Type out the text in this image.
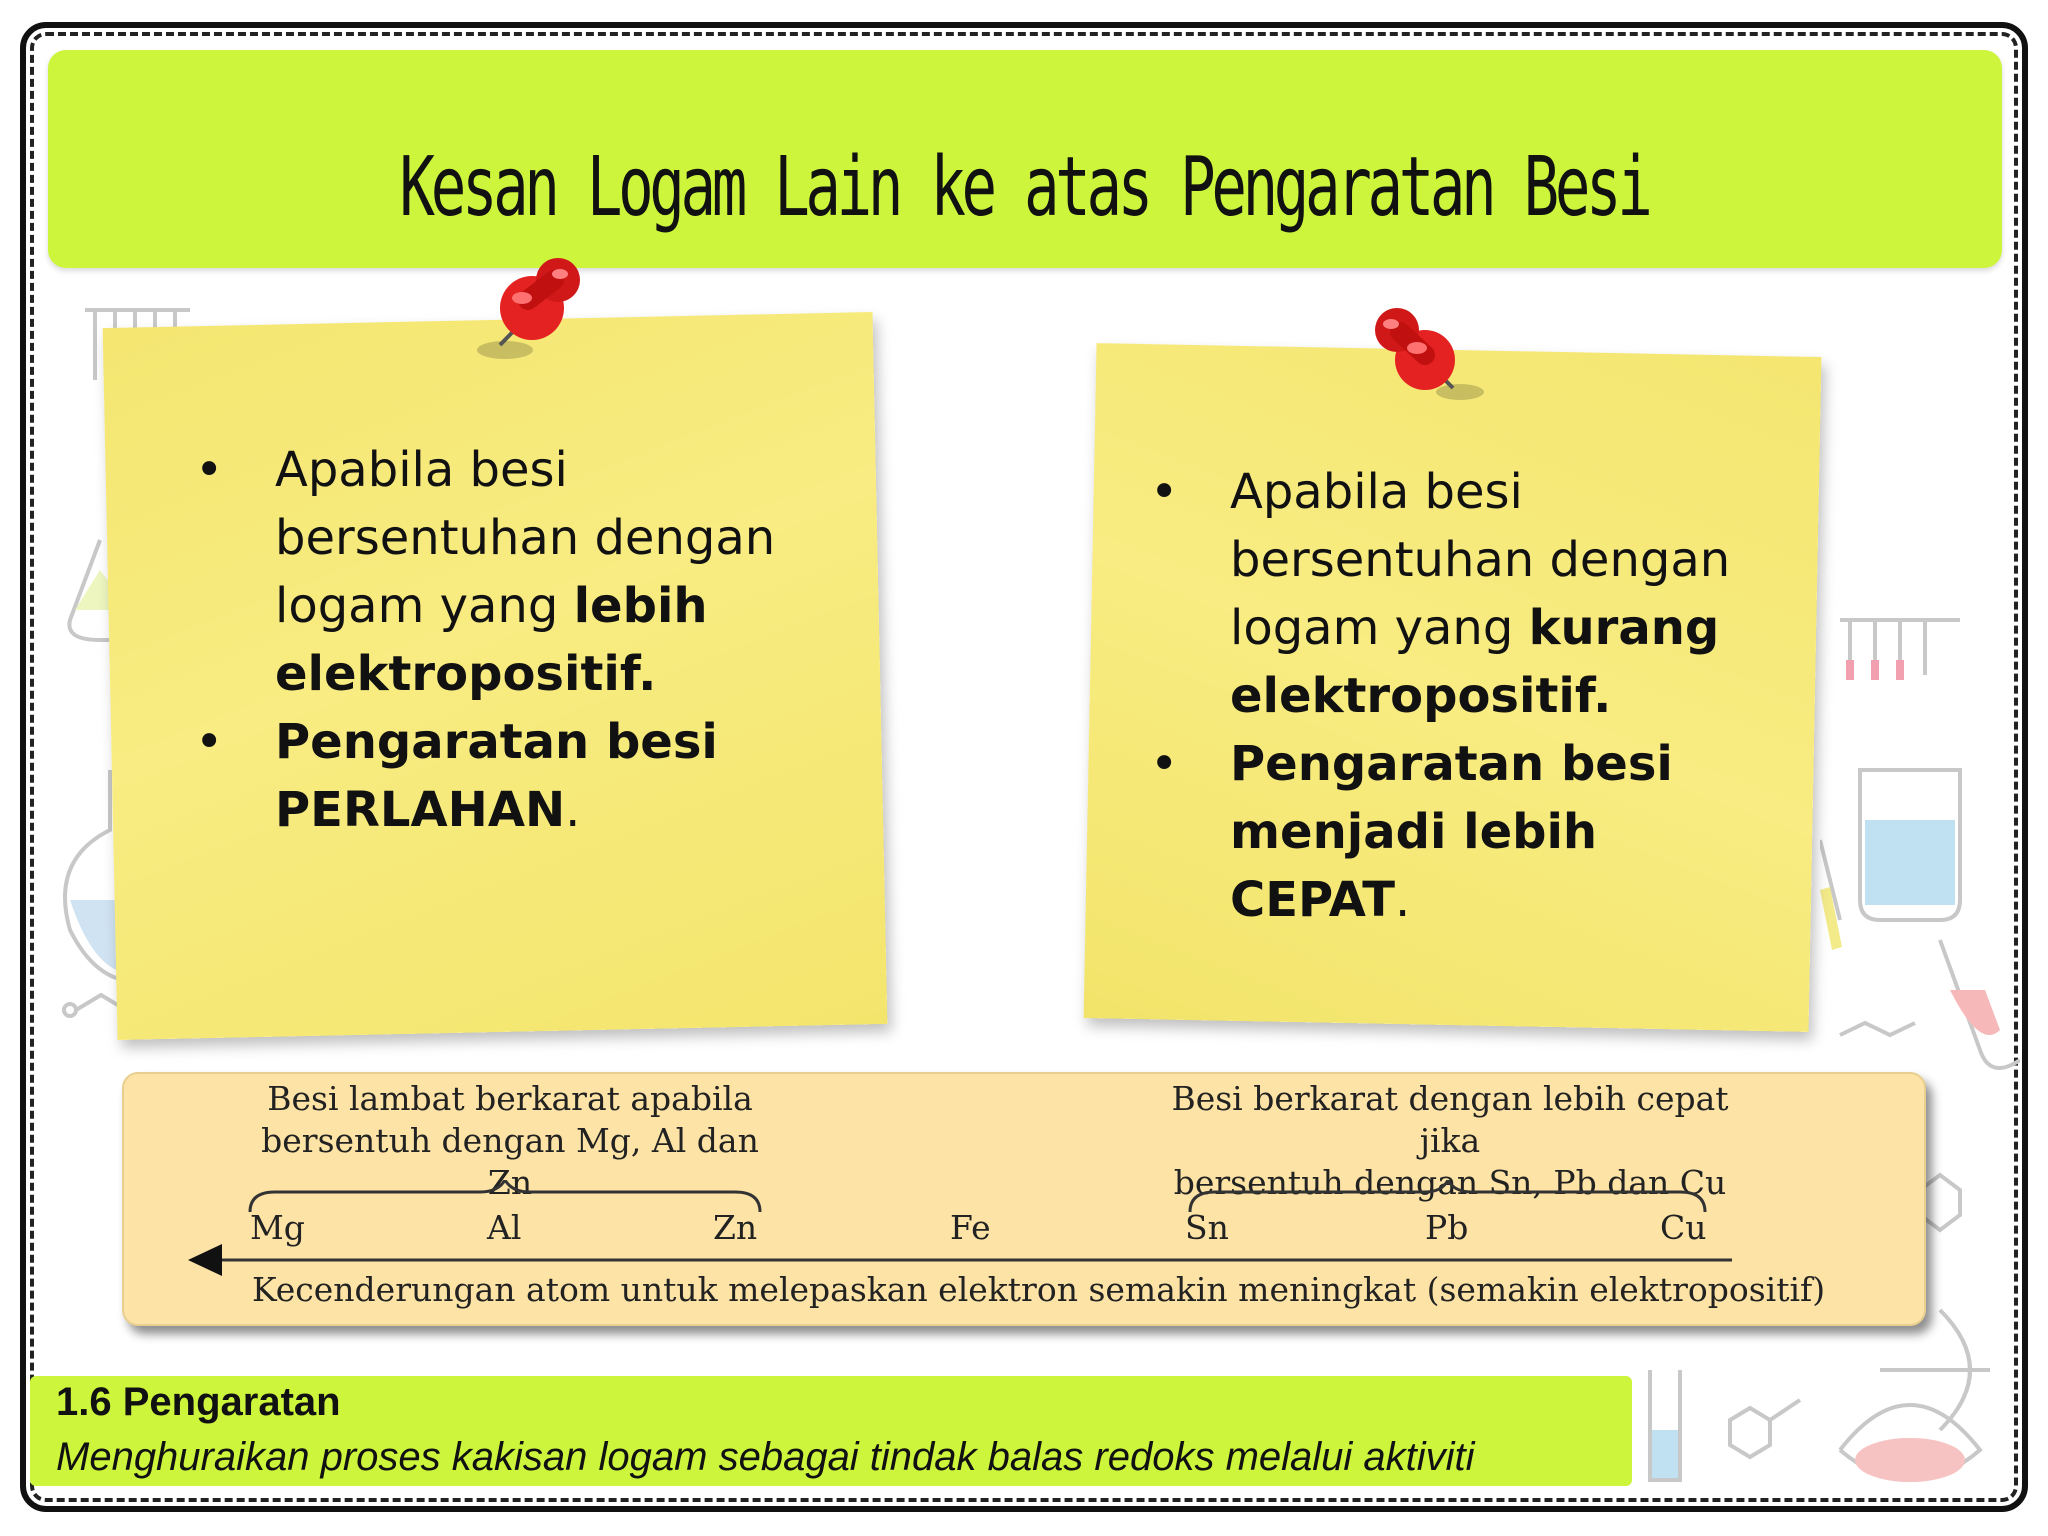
Kesan Logam Lain ke atas Pengaratan Besi
• Apabila besi bersentuhan dengan logam yang lebih elektropositif.
• Pengaratan besi PERLAHAN.
• Apabila besi bersentuhan dengan logam yang kurang elektropositif.
• Pengaratan besi menjadi lebih CEPAT.
Besi lambat berkarat apabila
bersentuh dengan Mg, Al dan Zn
Besi berkarat dengan lebih cepat jika
bersentuh dengan Sn, Pb dan Cu
Mg	Al	Zn	Fe	Sn	Pb	Cu
Kecenderungan atom untuk melepaskan elektron semakin meningkat (semakin elektropositif)
1.6 Pengaratan
Menghuraikan proses kakisan logam sebagai tindak balas redoks melalui aktiviti
